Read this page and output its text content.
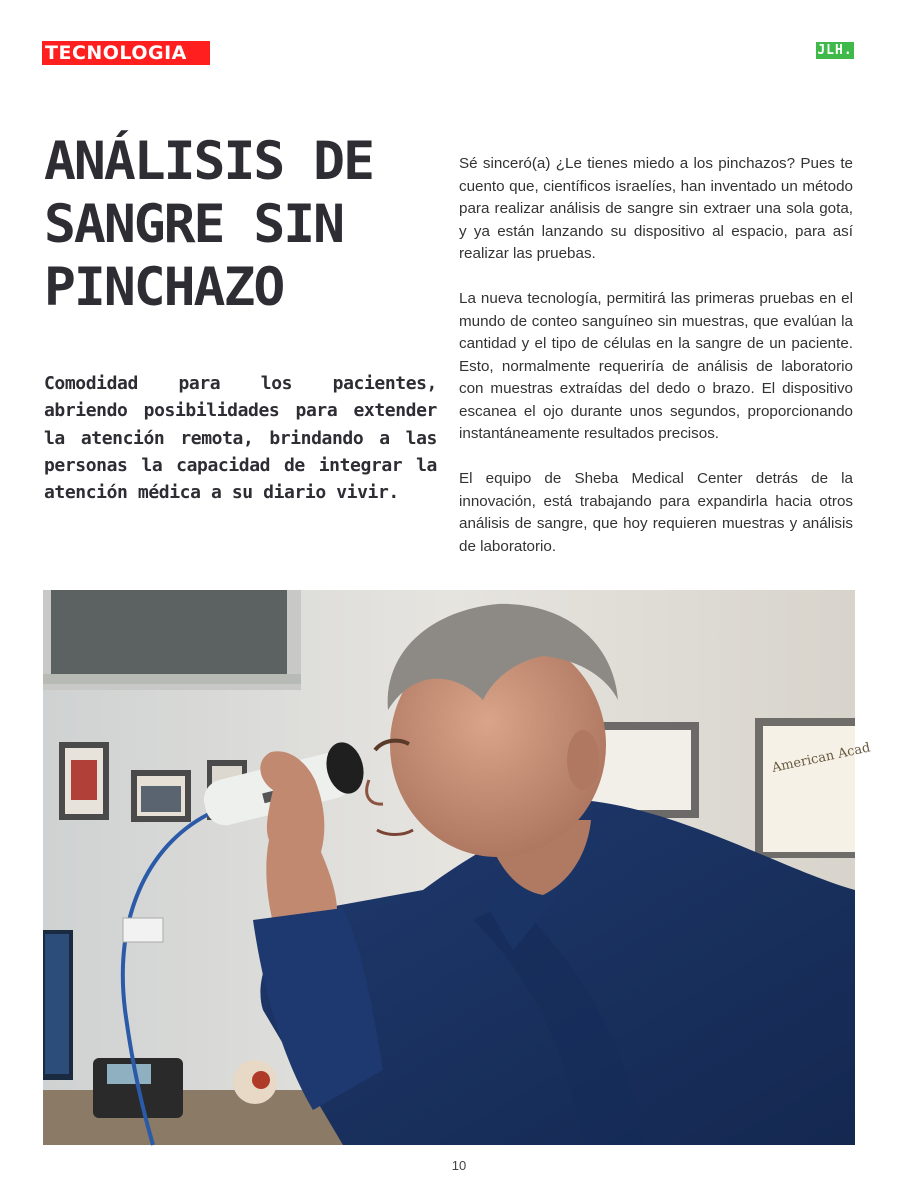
TECNOLOGIA	JLH.
ANÁLISIS DE
SANGRE SIN
PINCHAZO

Comodidad para los pacientes, abriendo posibilidades para extender la atención remota, brindando a las personas la capacidad de integrar la atención médica a su diario vivir.

Sé sinceró(a) ¿Le tienes miedo a los pinchazos? Pues te cuento que, científicos israelíes, han inventado un método para realizar análisis de sangre sin extraer una sola gota, y ya están lanzando su dispositivo al espacio, para así realizar las pruebas.

La nueva tecnología, permitirá las primeras pruebas en el mundo de conteo sanguíneo sin muestras, que evalúan la cantidad y el tipo de células en la sangre de un paciente. Esto, normalmente requeriría de análisis de laboratorio con muestras extraídas del dedo o brazo. El dispositivo escanea el ojo durante unos segundos, proporcionando instantáneamente resultados precisos.

El equipo de Sheba Medical Center detrás de la innovación, está trabajando para expandirla hacia otros análisis de sangre, que hoy requieren muestras y análisis de laboratorio.

American Acad
10
